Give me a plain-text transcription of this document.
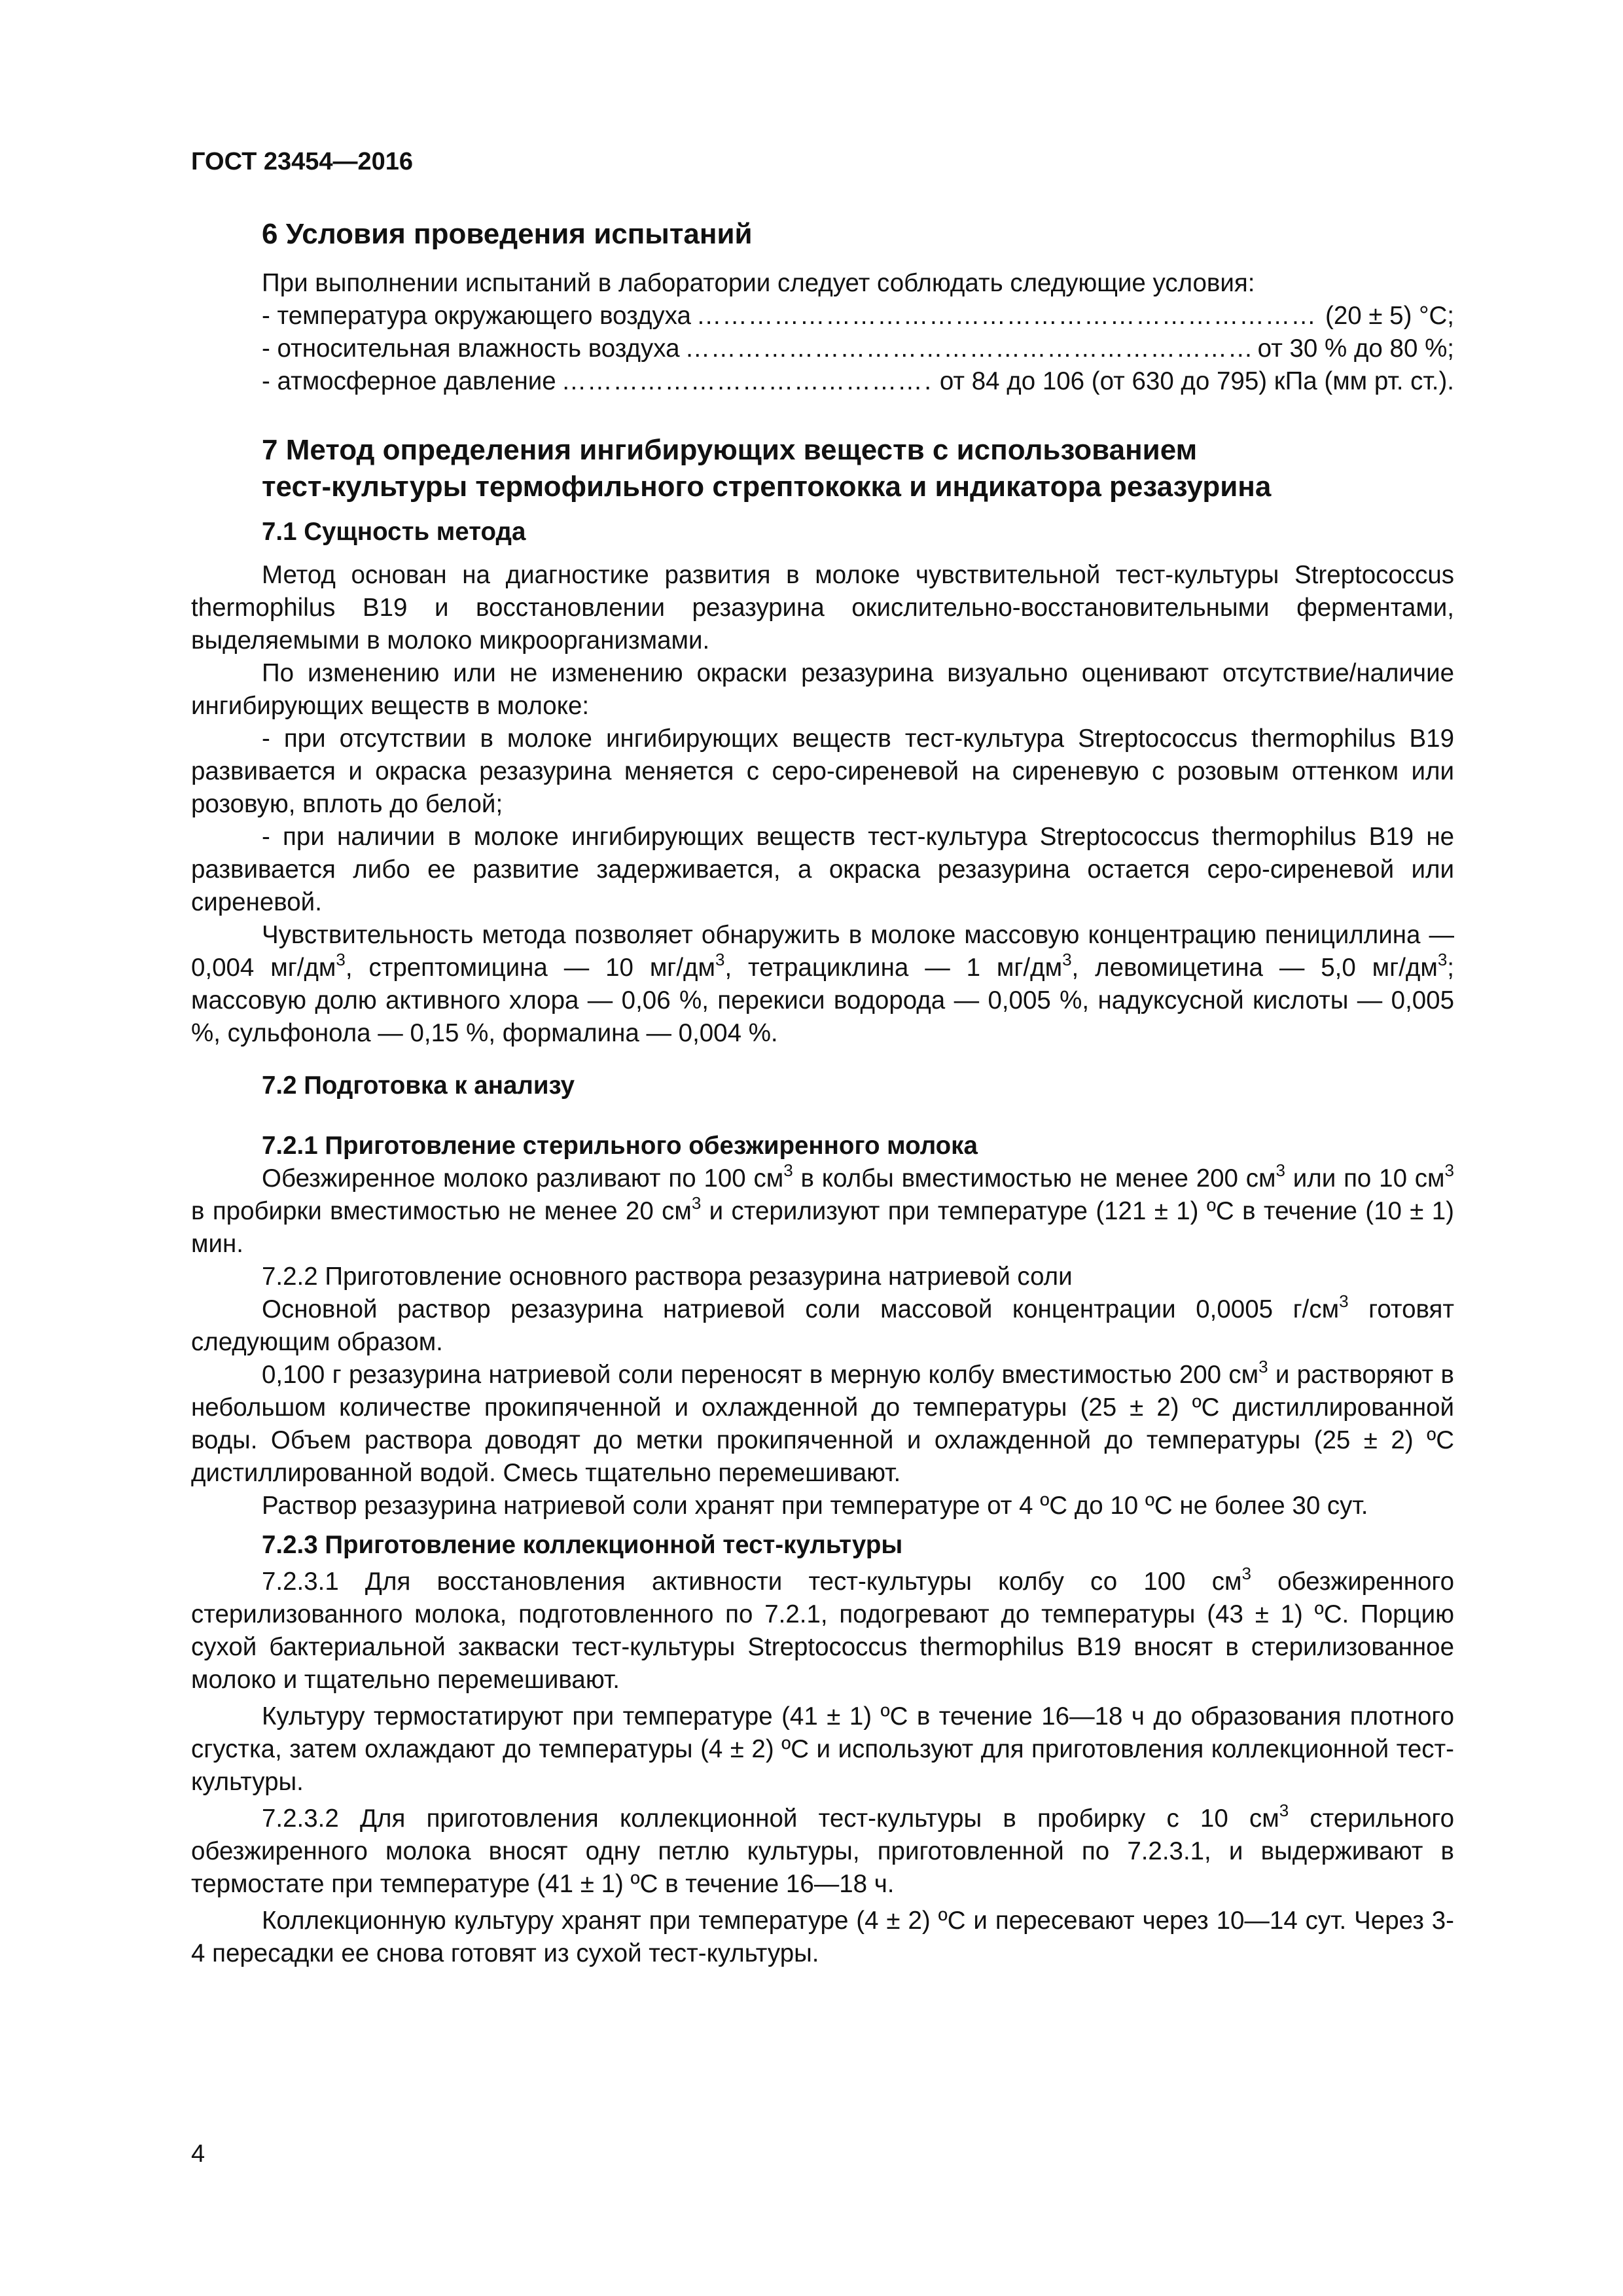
ГОСТ 23454—2016
6 Условия проведения испытаний

При выполнении испытаний в лаборатории следует соблюдать следующие условия:

- температура окружающего воздуха ……………………………………………………………………………………………………………………………………	(20 ± 5) °С;
- относительная влажность воздуха ……………………………………………………………………………………………………………………………………	от 30 % до 80 %;
- атмосферное давление ……………………………………………………………………………………………………………………………………	от 84 до 106 (от 630 до 795) кПа (мм рт. ст.).
7 Метод определения ингибирующих веществ с использованием
тест-культуры термофильного стрептококка и индикатора резазурина
7.1 Сущность метода

Метод основан на диагностике развития в молоке чувствительной тест-культуры Streptococcus thermophilus В19 и восстановлении резазурина окислительно-восстановительными ферментами, выделяемыми в молоко микроорганизмами.

По изменению или не изменению окраски резазурина визуально оценивают отсутствие/наличие ингибирующих веществ в молоке:

- при отсутствии в молоке ингибирующих веществ тест-культура Streptococcus thermophilus В19 развивается и окраска резазурина меняется с серо-сиреневой на сиреневую с розовым оттенком или розовую, вплоть до белой;

- при наличии в молоке ингибирующих веществ тест-культура Streptococcus thermophilus В19 не развивается либо ее развитие задерживается, а окраска резазурина остается серо-сиреневой или сиреневой.

Чувствительность метода позволяет обнаружить в молоке массовую концентрацию пенициллина — 0,004 $мг/дм^3$, стрептомицина — 10 $мг/дм^3$, тетрациклина — 1 $мг/дм^3$, левомицетина — 5,0 $мг/дм^3$; массовую долю активного хлора — 0,06 %, перекиси водорода — 0,005 %, надуксусной кислоты — 0,005 %, сульфонола — 0,15 %, формалина — 0,004 %.

7.2 Подготовка к анализу
7.2.1 Приготовление стерильного обезжиренного молока

Обезжиренное молоко разливают по 100 $см^3$ в колбы вместимостью не менее 200 $см^3$ или по 10 $см^3$ в пробирки вместимостью не менее 20 $см^3$ и стерилизуют при температуре (121 ± 1) ºС в течение (10 ± 1) мин.

7.2.2 Приготовление основного раствора резазурина натриевой соли

Основной раствор резазурина натриевой соли массовой концентрации 0,0005 $г/см^3$ готовят следующим образом.

0,100 г резазурина натриевой соли переносят в мерную колбу вместимостью 200 $см^3$ и растворяют в небольшом количестве прокипяченной и охлажденной до температуры (25 ± 2) ºС дистиллированной воды. Объем раствора доводят до метки прокипяченной и охлажденной до температуры (25 ± 2) ºС дистиллированной водой. Смесь тщательно перемешивают.

Раствор резазурина натриевой соли хранят при температуре от 4 ºС до 10 ºС не более 30 сут.

7.2.3 Приготовление коллекционной тест-культуры

7.2.3.1 Для восстановления активности тест-культуры колбу со 100 $см^3$ обезжиренного стерилизованного молока, подготовленного по 7.2.1, подогревают до температуры (43 ± 1) ºС. Порцию сухой бактериальной закваски тест-культуры Streptococcus thermophilus В19 вносят в стерилизованное молоко и тщательно перемешивают.

Культуру термостатируют при температуре (41 ± 1) ºС в течение 16—18 ч до образования плотного сгустка, затем охлаждают до температуры (4 ± 2) ºС и используют для приготовления коллекционной тест-культуры.

7.2.3.2 Для приготовления коллекционной тест-культуры в пробирку с 10 $см^3$ стерильного обезжиренного молока вносят одну петлю культуры, приготовленной по 7.2.3.1, и выдерживают в термостате при температуре (41 ± 1) ºС в течение 16—18 ч.

Коллекционную культуру хранят при температуре (4 ± 2) ºС и пересевают через 10—14 сут. Через 3-4 пересадки ее снова готовят из сухой тест-культуры.

4
